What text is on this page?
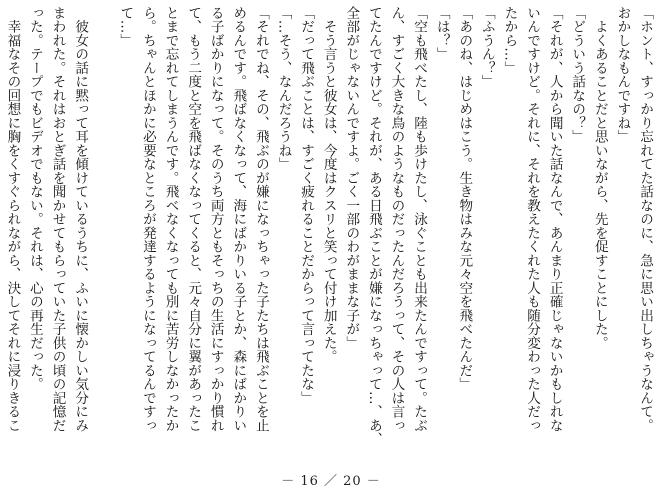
「ホント、すっかり忘れてた話なのに、急に思い出しちゃうなんて。
おかしなもんですね」
　よくあることだと思いながら、先を促すことにした。
「どういう話なの？」
「それが、人から聞いた話なんで、あんまり正確じゃないかもしれな
いんですけど。それに、それを教えたくれた人も随分変わった人だっ
たから…」
「ふうん？」
「あのね、はじめはこう。生き物はみな元々空を飛べたんだ」
「は？」
「空も飛べたし、陸も歩けたし、泳ぐことも出来たんですって。たぶ
ん、すごく大きな鳥のようなものだったんだろうって、その人は言っ
てたんですけど。それが、ある日飛ぶことが嫌になっちゃって…、あ、
全部がじゃないんですよ。ごく一部のわがままな子が」
　そう言うと彼女は、今度はクスリと笑って付け加えた。
「だって飛ぶことは、すごく疲れることだからって言ってたな」
「…そう、なんだろうね」
「それでね、その、飛ぶのが嫌になっちゃった子たちは飛ぶことを止
めるんです。飛ばなくなって、海にばかりいる子とか、森にばかりい
る子ばかりになって。そのうち両方ともそっちの生活にすっかり慣れ
て、もう二度と空を飛ばなくなってくると、元々自分に翼があったこ
とまで忘れてしまうんです。飛べなくなっても別に苦労しなかったか
ら。ちゃんとほかに必要なところが発達するようになってるんですっ
て…」
　彼女の話に黙って耳を傾けているうちに、ふいに懐かしい気分にみ
まわれた。それはおとぎ話を聞かせてもらっていた子供の頃の記憶だ
った。テープでもビデオでもない。それは、心の再生だった。
　幸福なその回想に胸をくすぐられながら、決してそれに浸りきるこ
－ 16 ／ 20 －
